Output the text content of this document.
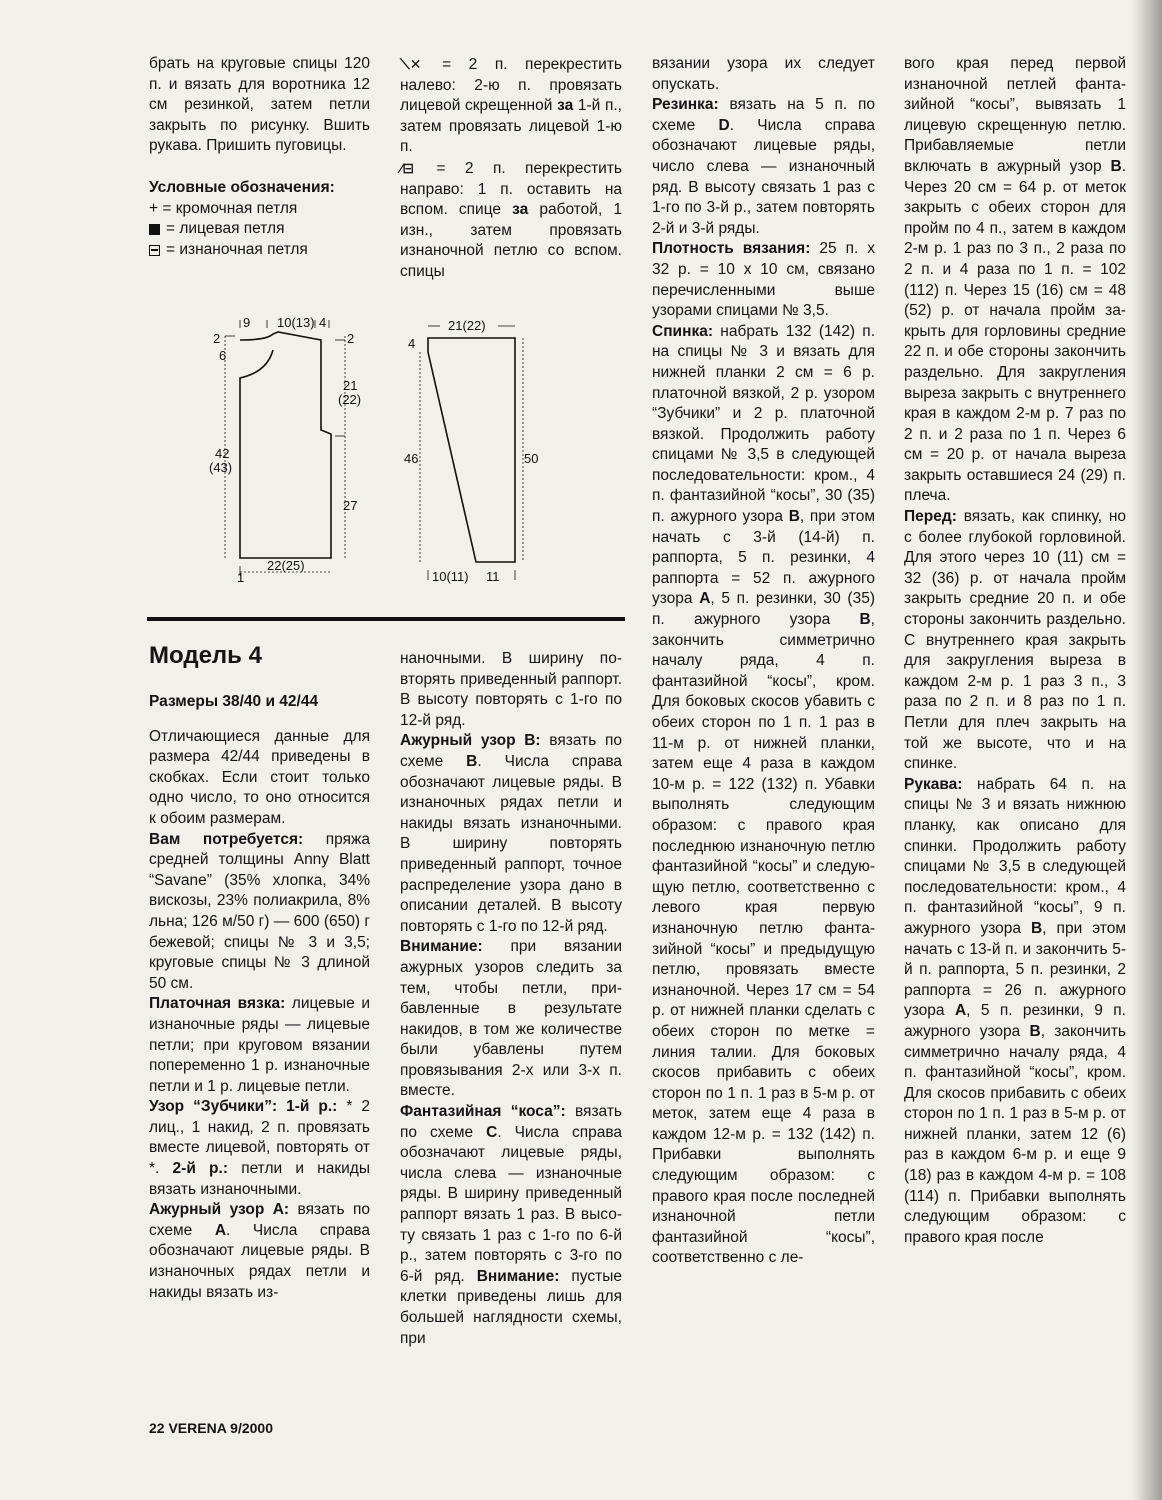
брать на круговые спицы 120 п. и вязать для воротника 12 см резинкой, затем петли закрыть по рисунку. Вшить рукава. Пришить пуговицы.

Условные обозначения:

+ = кромочная петля
= лицевая петля
= изнаночная петля

⟍✕ = 2 п. перекрестить налево: 2-ю п. провязать лицевой скрещенной за 1-й п., затем провязать лицевой 1-ю п.

⁄⊟ = 2 п. перекрестить направо: 1 п. оставить на вспом. спице за работой, 1 изн., затем провязать изнаночной петлю со вспом. спицы

9 10(13) 4
2
6
2
21
(22)
42
(43)
27
22(25)
1
21(22)
4
46	50
10(11) 11

вязании узора их следует опускать.

Резинка: вязать на 5 п. по схеме D. Числа справа обозначают лицевые ряды, число слева — изнаночный ряд. В высоту связать 1 раз с 1-го по 3-й р., затем повторять 2-й и 3-й ряды.

Плотность вязания: 25 п. х 32 р. = 10 х 10 см, связано перечисленными выше узорами спицами № 3,5.

Спинка: набрать 132 (142) п. на спицы № 3 и вязать для нижней планки 2 см = 6 р. платочной вязкой, 2 р. узором “Зубчики” и 2 р. платочной вязкой. Продолжить работу спицами № 3,5 в следующей последовательности: кром., 4 п. фантазийной “косы”, 30 (35) п. ажурного узора В, при этом начать с 3-й (14-й) п. раппорта, 5 п. резинки, 4 раппорта = 52 п. ажурного узора А, 5 п. резинки, 30 (35) п. ажурного узора В, закончить симметрично началу ряда, 4 п. фантазийной “косы”, кром. Для боковых скосов убавить с обеих сторон по 1 п. 1 раз в 11-м р. от нижней планки, затем еще 4 раза в каждом 10-м р. = 122 (132) п. Убавки выполнять следующим образом: с правого края последнюю изнаночную петлю фантазийной “косы” и следующую петлю, соответственно с левого края первую изнаночную петлю фантазийной “косы” и предыдущую петлю, провязать вместе изнаночной. Через 17 см = 54 р. от нижней планки сделать с обеих сторон по метке = линия талии. Для боковых скосов прибавить с обеих сторон по 1 п. 1 раз в 5-м р. от меток, затем еще 4 раза в каждом 12-м р. = 132 (142) п. Прибавки выполнять следующим образом: с правого края после последней изнаночной петли фантазийной “косы”, соответственно с ле-

вого края перед первой изнаночной петлей фантазийной “косы”, вывязать 1 лицевую скрещенную петлю. Прибавляемые петли включать в ажурный узор В. Через 20 см = 64 р. от меток закрыть с обеих сторон для пройм по 4 п., затем в каждом 2-м р. 1 раз по 3 п., 2 раза по 2 п. и 4 раза по 1 п. = 102 (112) п. Через 15 (16) см = 48 (52) р. от начала пройм закрыть для горловины средние 22 п. и обе стороны закончить раздельно. Для закругления выреза закрыть с внутреннего края в каждом 2-м р. 7 раз по 2 п. и 2 раза по 1 п. Через 6 см = 20 р. от начала выреза закрыть оставшиеся 24 (29) п. плеча.

Перед: вязать, как спинку, но с более глубокой горловиной. Для этого через 10 (11) см = 32 (36) р. от начала пройм закрыть средние 20 п. и обе стороны закончить раздельно. С внутреннего края закрыть для закругления выреза в каждом 2-м р. 1 раз 3 п., 3 раза по 2 п. и 8 раз по 1 п. Петли для плеч закрыть на той же высоте, что и на спинке.

Рукава: набрать 64 п. на спицы № 3 и вязать нижнюю планку, как описано для спинки. Продолжить работу спицами № 3,5 в следующей последовательности: кром., 4 п. фантазийной “косы”, 9 п. ажурного узора В, при этом начать с 13-й п. и закончить 5-й п. раппорта, 5 п. резинки, 2 раппорта = 26 п. ажурного узора А, 5 п. резинки, 9 п. ажурного узора В, закончить симметрично началу ряда, 4 п. фантазийной “косы”, кром. Для скосов прибaвить с обеих сторон по 1 п. 1 раз в 5-м р. от нижней планки, затем 12 (6) раз в каждом 6-м р. и еще 9 (18) раз в каждом 4-м р. = 108 (114) п. Прибавки выполнять следующим образом: с правого края после

Модель 4

Размеры 38/40 и 42/44

Отличающиеся данные для размера 42/44 приведены в скобках. Если стоит только одно число, то оно относится к обоим размерам.

Вам потребуется: пряжа средней толщины Anny Blatt “Savane” (35% хлопка, 34% вискозы, 23% полиакрила, 8% льна; 126 м/50 г) — 600 (650) г бежевой; спицы № 3 и 3,5; круговые спицы № 3 длиной 50 см.

Платочная вязка: лицевые и изнаночные ряды — лицевые петли; при круговом вязании попеременно 1 р. изнаночные петли и 1 р. лицевые петли.

Узор “Зубчики”: 1-й р.: * 2 лиц., 1 накид, 2 п. провязать вместе лицевой, повторять от *. 2-й р.: петли и накиды вязать изнаночными.

Ажурный узор А: вязать по схеме А. Числа справа обозначают лицевые ряды. В изнаночных рядах петли и накиды вязать из-

наночными. В ширину повторять приведенный раппорт. В высоту повторять с 1-го по 12-й ряд.

Ажурный узор В: вязать по схеме В. Числа справа обозначают лицевые ряды. В изнаночных рядах петли и накиды вязать изнаночными. В ширину повторять приведенный раппорт, точное распределение узора дано в описании деталей. В высоту повторять с 1-го по 12-й ряд.

Внимание: при вязании ажурных узоров следить за тем, чтобы петли, прибавленные в результате накидов, в том же количестве были убавлены путем провязывания 2-х или 3-х п. вместе.

Фантазийная “коса”: вязать по схеме С. Числа справа обозначают лицевые ряды, числа слева — изнаночные ряды. В ширину приведенный раппорт вязать 1 раз. В высоту связать 1 раз с 1-го по 6-й р., затем повторять с 3-го по 6-й ряд. Внимание: пустые клетки приведены лишь для большей наглядности схемы, при

22 VERENA 9/2000
